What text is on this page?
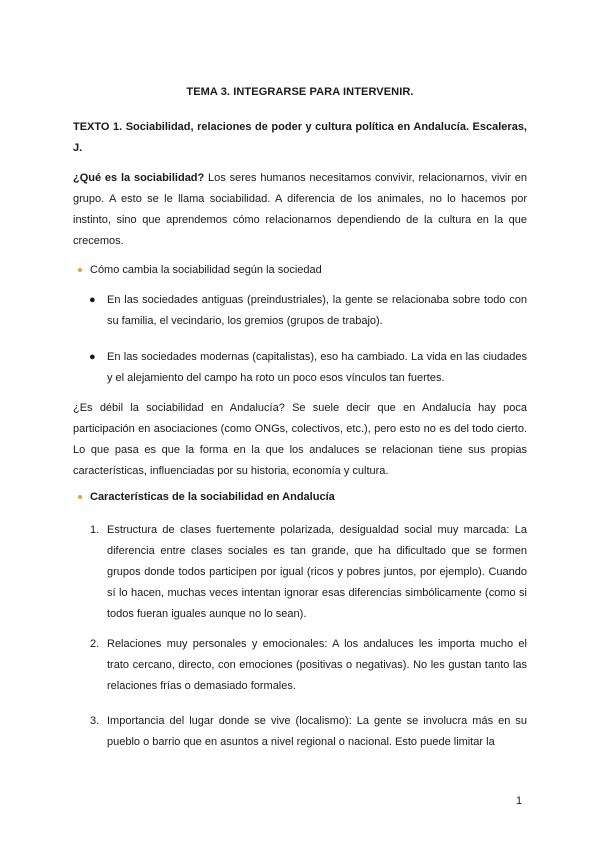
TEMA 3. INTEGRARSE PARA INTERVENIR.
TEXTO 1. Sociabilidad, relaciones de poder y cultura política en Andalucía. Escaleras, J.
¿Qué es la sociabilidad? Los seres humanos necesitamos convivir, relacionarnos, vivir en grupo. A esto se le llama sociabilidad. A diferencia de los animales, no lo hacemos por instinto, sino que aprendemos cómo relacionarnos dependiendo de la cultura en la que crecemos.
Cómo cambia la sociabilidad según la sociedad
● En las sociedades antiguas (preindustriales), la gente se relacionaba sobre todo con su familia, el vecindario, los gremios (grupos de trabajo).
● En las sociedades modernas (capitalistas), eso ha cambiado. La vida en las ciudades y el alejamiento del campo ha roto un poco esos vínculos tan fuertes.
¿Es débil la sociabilidad en Andalucía? Se suele decir que en Andalucía hay poca participación en asociaciones (como ONGs, colectivos, etc.), pero esto no es del todo cierto. Lo que pasa es que la forma en la que los andaluces se relacionan tiene sus propias características, influenciadas por su historia, economía y cultura.
Características de la sociabilidad en Andalucía
1. Estructura de clases fuertemente polarizada, desigualdad social muy marcada: La diferencia entre clases sociales es tan grande, que ha dificultado que se formen grupos donde todos participen por igual (ricos y pobres juntos, por ejemplo). Cuando sí lo hacen, muchas veces intentan ignorar esas diferencias simbólicamente (como si todos fueran iguales aunque no lo sean).
2. Relaciones muy personales y emocionales: A los andaluces les importa mucho el trato cercano, directo, con emociones (positivas o negativas). No les gustan tanto las relaciones frías o demasiado formales.
3. Importancia del lugar donde se vive (localismo): La gente se involucra más en su pueblo o barrio que en asuntos a nivel regional o nacional. Esto puede limitar la
1
